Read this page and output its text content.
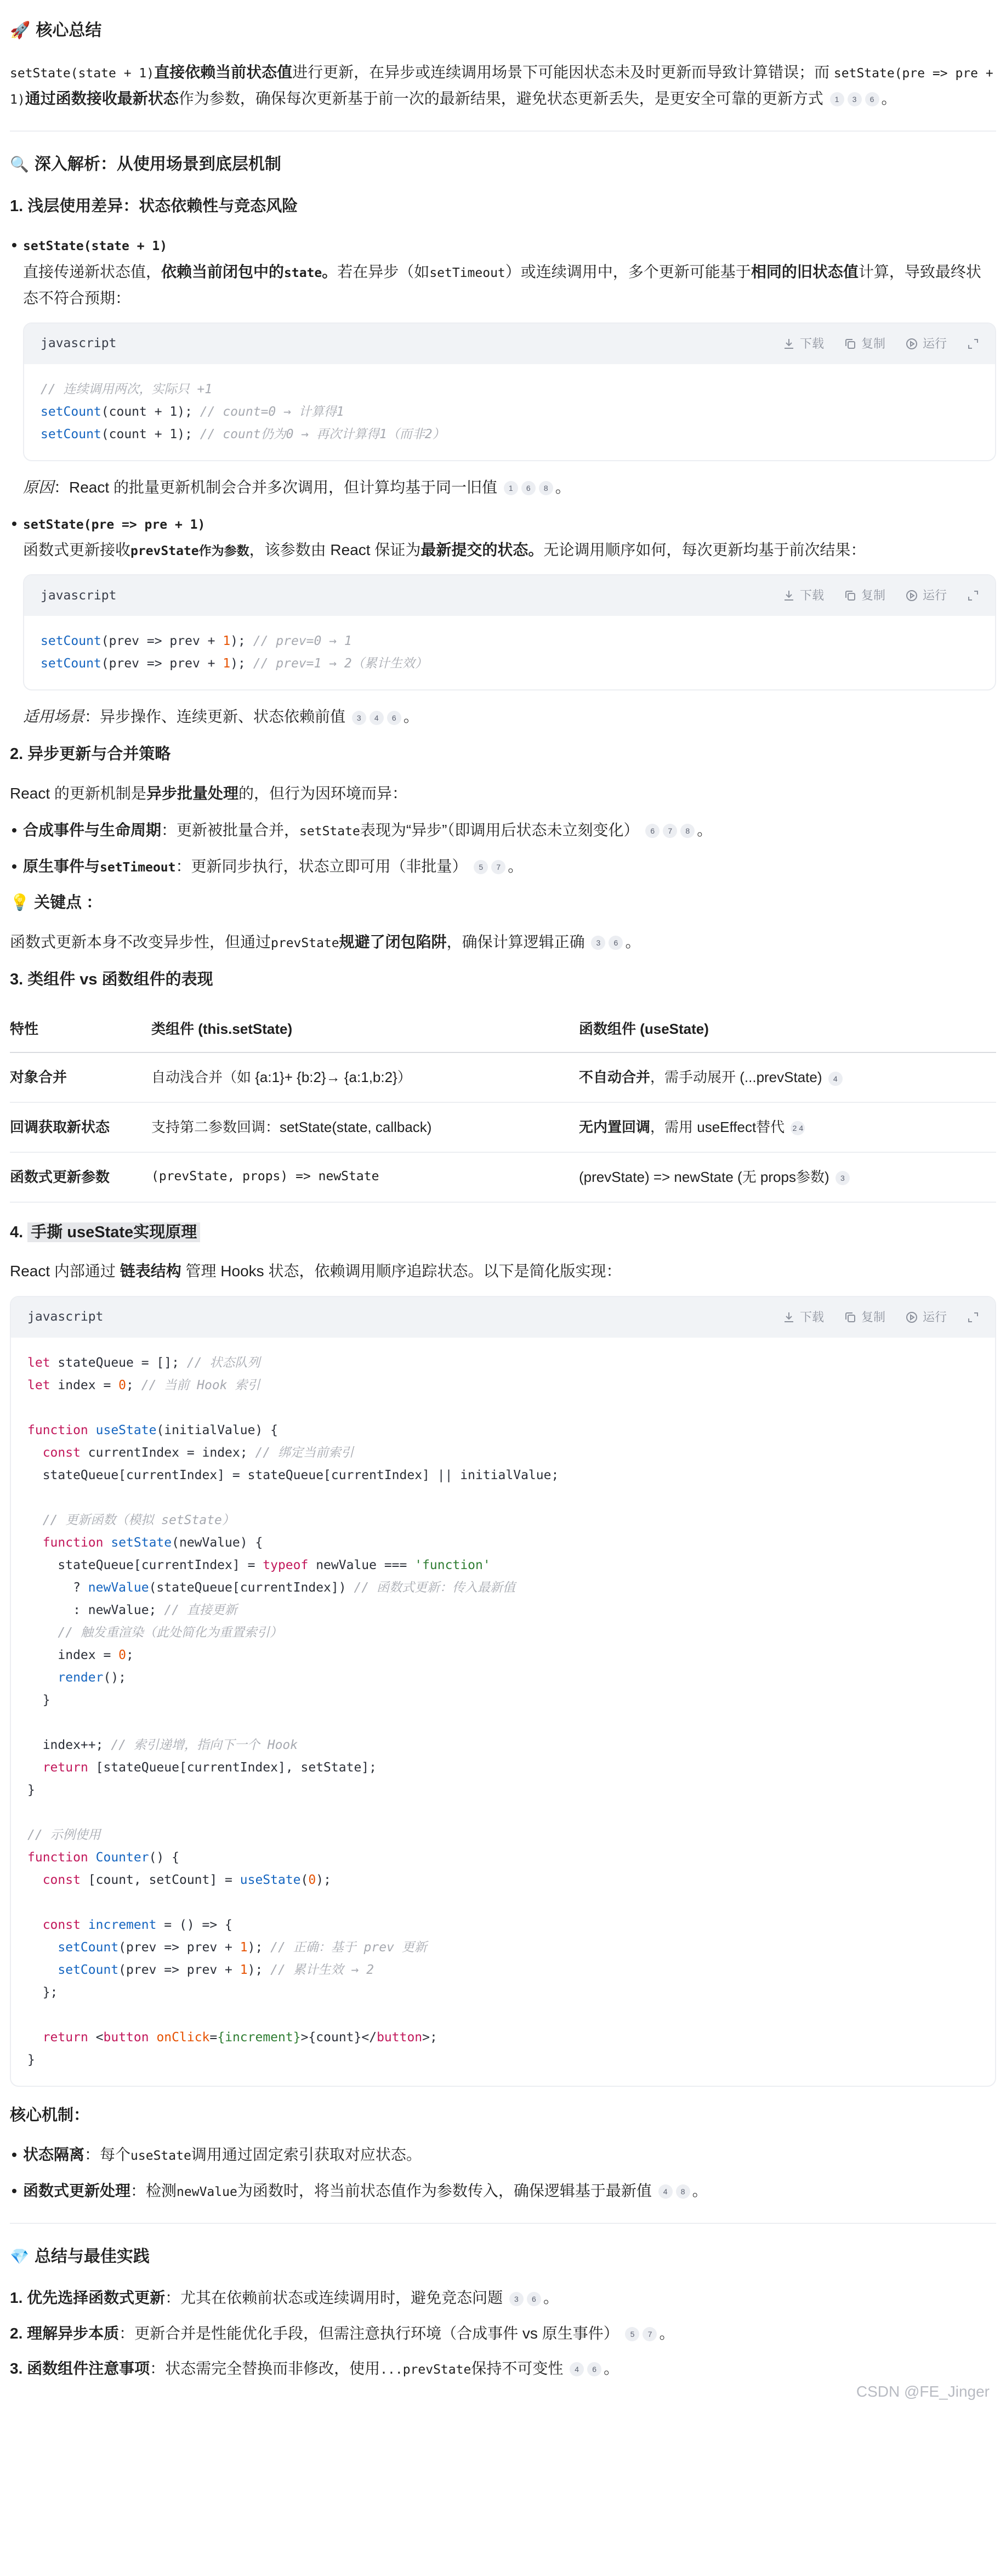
🚀 核心总结

setState(state + 1)直接依赖当前状态值进行更新，在异步或连续调用场景下可能因状态未及时更新而导致计算错误；而 setState(pre => pre + 1)通过函数接收最新状态作为参数，确保每次更新基于前一次的最新结果，避免状态更新丢失，是更安全可靠的更新方式	1	3	6 。

🔍 深入解析：从使用场景到底层机制
1. 浅层使用差异：状态依赖性与竞态风险
setState(state + 1)
直接传递新状态值，依赖当前闭包中的state。若在异步（如setTimeout）或连续调用中，多个更新可能基于相同的旧状态值计算，导致最终状态不符合预期：
javascript	下载	复制	运行
// 连续调用两次，实际只 +1
setCount(count + 1); // count=0 → 计算得1
setCount(count + 1); // count仍为0 → 再次计算得1（而非2）

原因：React 的批量更新机制会合并多次调用，但计算均基于同一旧值	1	6	8 。

setState(pre => pre + 1)
函数式更新接收prevState作为参数，该参数由 React 保证为最新提交的状态。无论调用顺序如何，每次更新均基于前次结果：
javascript	下载	复制	运行
setCount(prev => prev + 1); // prev=0 → 1
setCount(prev => prev + 1); // prev=1 → 2（累计生效）

适用场景：异步操作、连续更新、状态依赖前值	3	4	6 。

2. 异步更新与合并策略

React 的更新机制是异步批量处理的，但行为因环境而异：

合成事件与生命周期：更新被批量合并，setState表现为“异步”（即调用后状态未立刻变化）	6	7	8 。
原生事件与setTimeout：更新同步执行，状态立即可用（非批量）	5	7 。
💡 关键点 ：

函数式更新本身不改变异步性，但通过prevState规避了闭包陷阱，确保计算逻辑正确	3	6 。

3. 类组件 vs 函数组件的表现
特性	类组件 (this.setState)	函数组件 (useState)
对象合并	自动浅合并（如 {a:1}+ {b:2}→ {a:1,b:2}）	不自动合并，需手动展开 (...prevState) 4

回调获取新状态	支持第二参数回调：setState(state, callback)	无内置回调，需用 useEffect替代 2 4

函数式更新参数	(prevState, props) => newState	(prevState) => newState (无 props参数) 3
4. 手撕 useState实现原理

React 内部通过 链表结构 管理 Hooks 状态，依赖调用顺序追踪状态。以下是简化版实现：

javascript	下载	复制	运行
let stateQueue = []; // 状态队列
let index = 0; // 当前 Hook 索引

function useState(initialValue) {
const currentIndex = index; // 绑定当前索引
stateQueue[currentIndex] = stateQueue[currentIndex] || initialValue;

// 更新函数（模拟 setState）
function setState(newValue) {
stateQueue[currentIndex] = typeof newValue === 'function'
? newValue(stateQueue[currentIndex]) // 函数式更新：传入最新值
: newValue; // 直接更新
// 触发重渲染（此处简化为重置索引）
index = 0;
render();
}

index++; // 索引递增，指向下一个 Hook
return [stateQueue[currentIndex], setState];
}

// 示例使用
function Counter() {
const [count, setCount] = useState(0);

const increment = () => {
setCount(prev => prev + 1); // 正确：基于 prev 更新
setCount(prev => prev + 1); // 累计生效 → 2
};

return <button onClick={increment}>{count}</button>;
}
核心机制：
状态隔离：每个useState调用通过固定索引获取对应状态。
函数式更新处理：检测newValue为函数时，将当前状态值作为参数传入，确保逻辑基于最新值	4	8 。
💎 总结与最佳实践
1. 优先选择函数式更新：尤其在依赖前状态或连续调用时，避免竞态问题	3	6 。
2. 理解异步本质：更新合并是性能优化手段，但需注意执行环境（合成事件 vs 原生事件）	5	7 。
3. 函数组件注意事项：状态需完全替换而非修改，使用...prevState保持不可变性	4	6 。
CSDN @FE_Jinger
